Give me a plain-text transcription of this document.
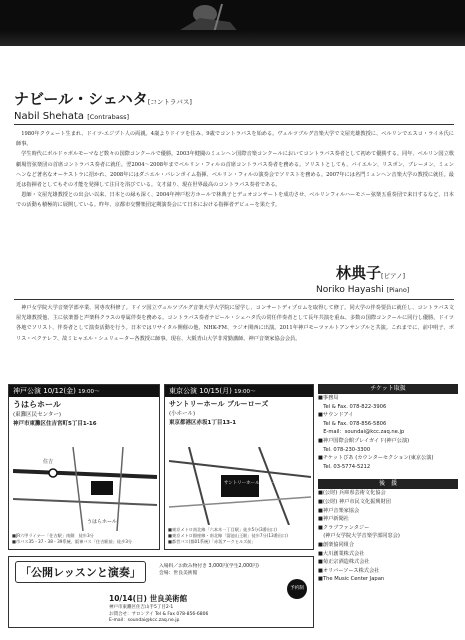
ナビール・シェハタ[コントラバス]
Nabil Shehata [Contrabass]

1980年クウェート生まれ、ドイツ-エジプト人の両親。4歳よりドイツを住み、9歳でコントラバスを始める。ヴュルツブルグ音楽大学で文屋光雄教授に、ベルリンでエスコ・ライネ氏に師事。

学生時代にボルドゥボルモーマなど数々の国際コンクールで優勝。2003年健闘のミュンヘン国際音楽コンクールにおいてコントラバス奏者として初めて優勝する。同年、ベルリン国立歌劇場管弦楽団の首席コントラバス奏者に就任。翌2004〜2008年までベルリン・フィルの首席コントラバス奏者を務める。ソリストとしても、バイエルン、リスボン、ブレーメン、ミュンヘンなど著名なオーケストラに招かれ、2008年にはダニエル・バレンボイム指揮、ベルリン・フィルの演奏会でソリストを務める。2007年には名門ミュンヘン音楽大学の教授に就任。最近は指揮者としてもその才能を発揮して注目を浴びている。文才溢り、現在世界最高のコントラバス奏者である。

恩師・文屋光雄教授との出会い以来、日本との縁も深く、2004年神戸松方ホールで林典子とデュオコンサートを成功させ、ベルリンフィルハーモニー弦楽五重奏団で来日するなど、日本での活動も積極的に展開している。昨年、京都市交響楽団定期演奏会にて日本における指揮者デビューを果たす。

林典子[ピアノ]
Noriko Hayashi [Piano]

神戸女学院大学音楽学部卒業、同専攻科修了。ドイツ国立ヴュルツブルグ音楽大学大学院に留学し、コンサートディプロムを取得して修了。同大学の伴奏要員に就任し、コントラバス文屋光雄教授他、主に弦楽器と声楽科クラスの専属伴奏を務める。コントラバス奏者ナビール・シェハタ氏の常任伴奏者として長年共演を重ね、多数の国際コンクールに同行し優勝。ドイツ各地でソリスト、伴奏者として演奏活動を行う。日本ではリサイタル開催の他、NHK-FM、ラジオ関西に出演。2011年神戸モーツァルトアンサンブルと共演。これまでに、前中明子、ボリス・ベクテレフ、故ミヒャエル・シュリューター各教授に師事。現在、大阪青山大学非常勤講師。神戸音楽家協会会員。

神戸公演 10/12(金) 19:00〜
うはらホール
(東灘区民センター)
神戸市東灘区住吉宮町5丁目1-16
住吉
うはらホール
■JR六甲ライナー「住吉駅」南側　徒歩3分
■市バス35・37・38・39系統、阪神バス「住吉駅前」徒歩3分
東京公演 10/15(月) 19:00〜
サントリーホール ブルーローズ
(小ホール)
東京都港区赤坂1丁目13-1
サントリーホール ブルーローズ
■東京メトロ南北線「六本木一丁目駅」徒歩5分(3番出口)
■東京メトロ銀座線・南北線「溜池山王駅」徒歩7分(13番出口)
■都営バス(都01系統)「赤坂アークヒルズ前」
「公開レッスンと演奏」	入場料／お飲み物付き 3,000円(学生2,000円)
会場：世良美術館
10/14(日) 世良美術館
神戸市東灘区住吉山手5丁目2-1
お問合せ：サロンアイ Tel & Fax 078-856-6806
E-mail：soundai@kcc.zaq.ne.jp
予約制
チケット取扱
■事務局
　Tel & Fax. 078-822-3906
■サウンドアイ
　Tel & Fax. 078-856-5806
　E-mail：soundai@kcc.zaq.ne.jp
■神戸国際会館プレイガイド(神戸公演)
　Tel. 078-230-3300
■チケットぴあ (カウンターセクション(東京公演)
　Tel. 03-5774-5212
後　援
■(公財) 兵庫県芸術文化協会
■(公財) 神戸市民文化振興財団
■神戸音楽家協会
■神戸新聞社
■クラブファンタジー
　(神戸女学院大学音楽学部同窓会)
■創楽協同組合
■大川創業株式会社
■菊正宗酒造株式会社
■オリバーソース株式会社
■The Music Center Japan
